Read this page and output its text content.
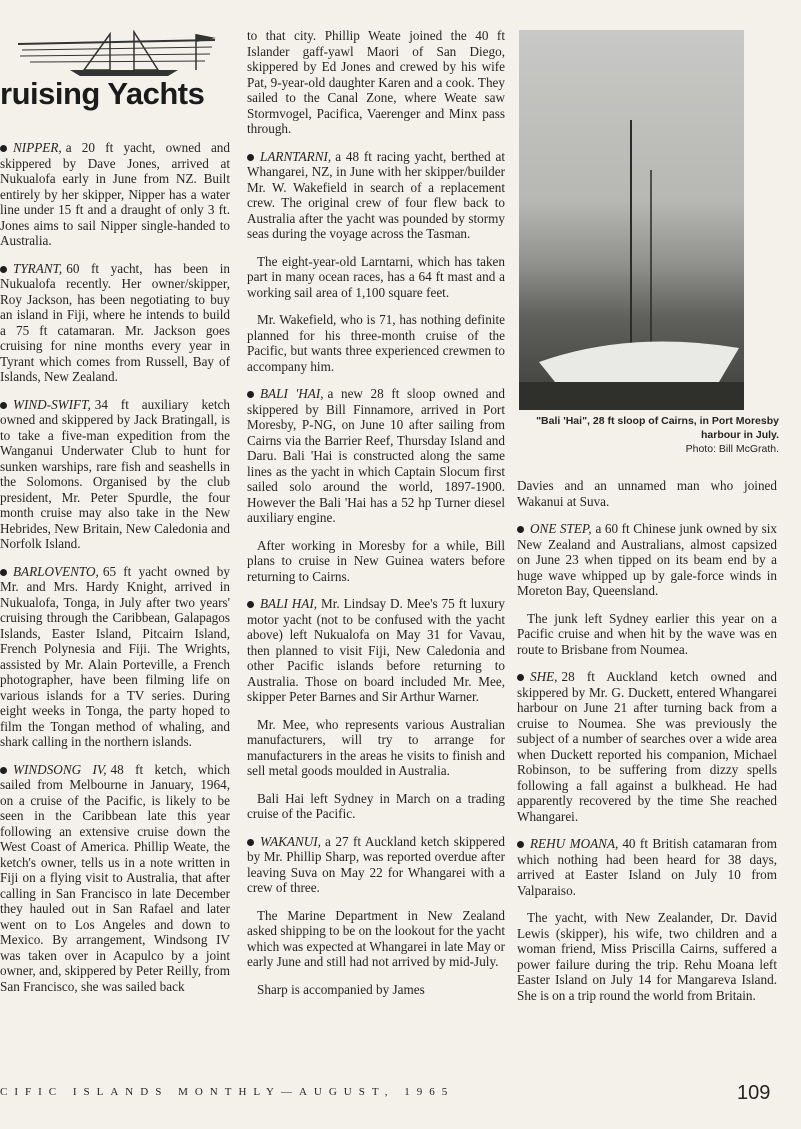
ruising Yachts
NIPPER, a 20 ft yacht, owned and skippered by Dave Jones, arrived at Nukualofa early in June from NZ. Built entirely by her skipper, Nipper has a water line under 15 ft and a draught of only 3 ft. Jones aims to sail Nipper single-handed to Australia.
TYRANT, 60 ft yacht, has been in Nukualofa recently. Her owner/skipper, Roy Jackson, has been negotiating to buy an island in Fiji, where he intends to build a 75 ft catamaran. Mr. Jackson goes cruising for nine months every year in Tyrant which comes from Russell, Bay of Islands, New Zealand.
WIND-SWIFT, 34 ft auxiliary ketch owned and skippered by Jack Bratingall, is to take a five-man expedition from the Wanganui Underwater Club to hunt for sunken warships, rare fish and seashells in the Solomons. Organised by the club president, Mr. Peter Spurdle, the four month cruise may also take in the New Hebrides, New Britain, New Caledonia and Norfolk Island.
BARLOVENTO, 65 ft yacht owned by Mr. and Mrs. Hardy Knight, arrived in Nukualofa, Tonga, in July after two years' cruising through the Caribbean, Galapagos Islands, Easter Island, Pitcairn Island, French Polynesia and Fiji. The Wrights, assisted by Mr. Alain Porteville, a French photographer, have been filming life on various islands for a TV series. During eight weeks in Tonga, the party hoped to film the Tongan method of whaling, and shark calling in the northern islands.
WINDSONG IV, 48 ft ketch, which sailed from Melbourne in January, 1964, on a cruise of the Pacific, is likely to be seen in the Caribbean late this year following an extensive cruise down the West Coast of America. Phillip Weate, the ketch's owner, tells us in a note written in Fiji on a flying visit to Australia, that after calling in San Francisco in late December they hauled out in San Rafael and later went on to Los Angeles and down to Mexico. By arrangement, Windsong IV was taken over in Acapulco by a joint owner, and, skippered by Peter Reilly, from San Francisco, she was sailed back
to that city. Phillip Weate joined the 40 ft Islander gaff-yawl Maori of San Diego, skippered by Ed Jones and crewed by his wife Pat, 9-year-old daughter Karen and a cook. They sailed to the Canal Zone, where Weate saw Stormvogel, Pacifica, Vaerenger and Minx pass through.
LARNTARNI, a 48 ft racing yacht, berthed at Whangarei, NZ, in June with her skipper/builder Mr. W. Wakefield in search of a replacement crew. The original crew of four flew back to Australia after the yacht was pounded by stormy seas during the voyage across the Tasman.
The eight-year-old Larntarni, which has taken part in many ocean races, has a 64 ft mast and a working sail area of 1,100 square feet.
Mr. Wakefield, who is 71, has nothing definite planned for his three-month cruise of the Pacific, but wants three experienced crewmen to accompany him.
BALI 'HAI, a new 28 ft sloop owned and skippered by Bill Finnamore, arrived in Port Moresby, P-NG, on June 10 after sailing from Cairns via the Barrier Reef, Thursday Island and Daru. Bali 'Hai is constructed along the same lines as the yacht in which Captain Slocum first sailed solo around the world, 1897-1900. However the Bali 'Hai has a 52 hp Turner diesel auxiliary engine.
After working in Moresby for a while, Bill plans to cruise in New Guinea waters before returning to Cairns.
BALI HAI, Mr. Lindsay D. Mee's 75 ft luxury motor yacht (not to be confused with the yacht above) left Nukualofa on May 31 for Vavau, then planned to visit Fiji, New Caledonia and other Pacific islands before returning to Australia. Those on board included Mr. Mee, skipper Peter Barnes and Sir Arthur Warner.
Mr. Mee, who represents various Australian manufacturers, will try to arrange for manufacturers in the areas he visits to finish and sell metal goods moulded in Australia.
Bali Hai left Sydney in March on a trading cruise of the Pacific.
WAKANUI, a 27 ft Auckland ketch skippered by Mr. Phillip Sharp, was reported overdue after leaving Suva on May 22 for Whangarei with a crew of three.
The Marine Department in New Zealand asked shipping to be on the lookout for the yacht which was expected at Whangarei in late May or early June and still had not arrived by mid-July.
Sharp is accompanied by James
"Bali 'Hai", 28 ft sloop of Cairns, in Port Moresby harbour in July.
Photo: Bill McGrath.
Davies and an unnamed man who joined Wakanui at Suva.
ONE STEP, a 60 ft Chinese junk owned by six New Zealand and Australians, almost capsized on June 23 when tipped on its beam end by a huge wave whipped up by gale-force winds in Moreton Bay, Queensland.
The junk left Sydney earlier this year on a Pacific cruise and when hit by the wave was en route to Brisbane from Noumea.
SHE, 28 ft Auckland ketch owned and skippered by Mr. G. Duckett, entered Whangarei harbour on June 21 after turning back from a cruise to Noumea. She was previously the subject of a number of searches over a wide area when Duckett reported his companion, Michael Robinson, to be suffering from dizzy spells following a fall against a bulkhead. He had apparently recovered by the time She reached Whangarei.
REHU MOANA, 40 ft British catamaran from which nothing had been heard for 38 days, arrived at Easter Island on July 10 from Valparaiso.
The yacht, with New Zealander, Dr. David Lewis (skipper), his wife, two children and a woman friend, Miss Priscilla Cairns, suffered a power failure during the trip. Rehu Moana left Easter Island on July 14 for Mangareva Island. She is on a trip round the world from Britain.
CIFIC ISLANDS MONTHLY—AUGUST, 1965	109
